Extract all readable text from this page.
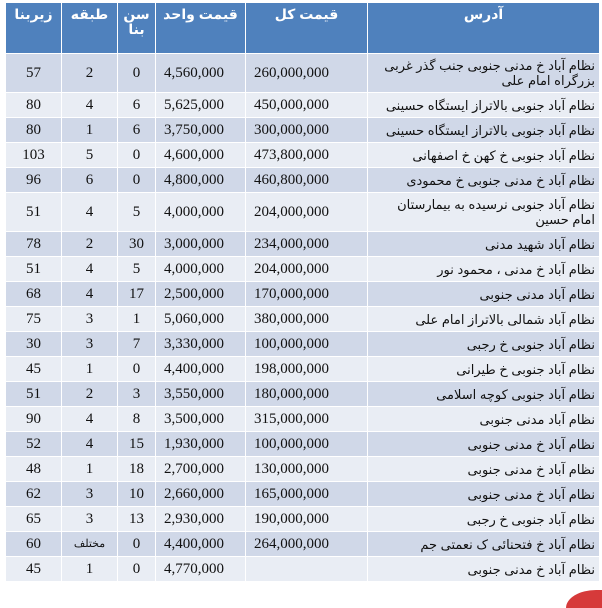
آدرس	قیمت کل	قیمت واحد	سن بنا	طبقه	زیربنا
نظام آباد خ مدنی جنوبی جنب گذر غربی بزرگراه امام علی	260,000,000	4,560,000	0	2	57
نظام آباد جنوبی بالاتراز ایستگاه حسینی	450,000,000	5,625,000	6	4	80
نظام آباد جنوبی بالاتراز ایستگاه حسینی	300,000,000	3,750,000	6	1	80
نظام آباد جنوبی خ کهن خ اصفهانی	473,800,000	4,600,000	0	5	103
نظام آباد خ مدنی جنوبی خ محمودی	460,800,000	4,800,000	0	6	96
نظام آباد جنوبی نرسیده به بیمارستان امام حسین	204,000,000	4,000,000	5	4	51
نظام آباد شهید مدنی	234,000,000	3,000,000	30	2	78
نظام آباد خ مدنی ، محمود نور	204,000,000	4,000,000	5	4	51
نظام آباد مدنی جنوبی	170,000,000	2,500,000	17	4	68
نظام آباد شمالی بالاتراز امام علی	380,000,000	5,060,000	1	3	75
نظام آباد جنوبی خ رجبی	100,000,000	3,330,000	7	3	30
نظام آباد جنوبی خ طیرانی	198,000,000	4,400,000	0	1	45
نظام آباد جنوبی کوچه اسلامی	180,000,000	3,550,000	3	2	51
نظام آباد مدنی جنوبی	315,000,000	3,500,000	8	4	90
نظام آباد خ مدنی جنوبی	100,000,000	1,930,000	15	4	52
نظام آباد خ مدنی جنوبی	130,000,000	2,700,000	18	1	48
نظام آباد خ مدنی جنوبی	165,000,000	2,660,000	10	3	62
نظام آباد جنوبی خ رجبی	190,000,000	2,930,000	13	3	65
نظام آباد خ فتحنائی ک نعمتی جم	264,000,000	4,400,000	0	مختلف	60
نظام آباد خ مدنی جنوبی		4,770,000	0	1	45
